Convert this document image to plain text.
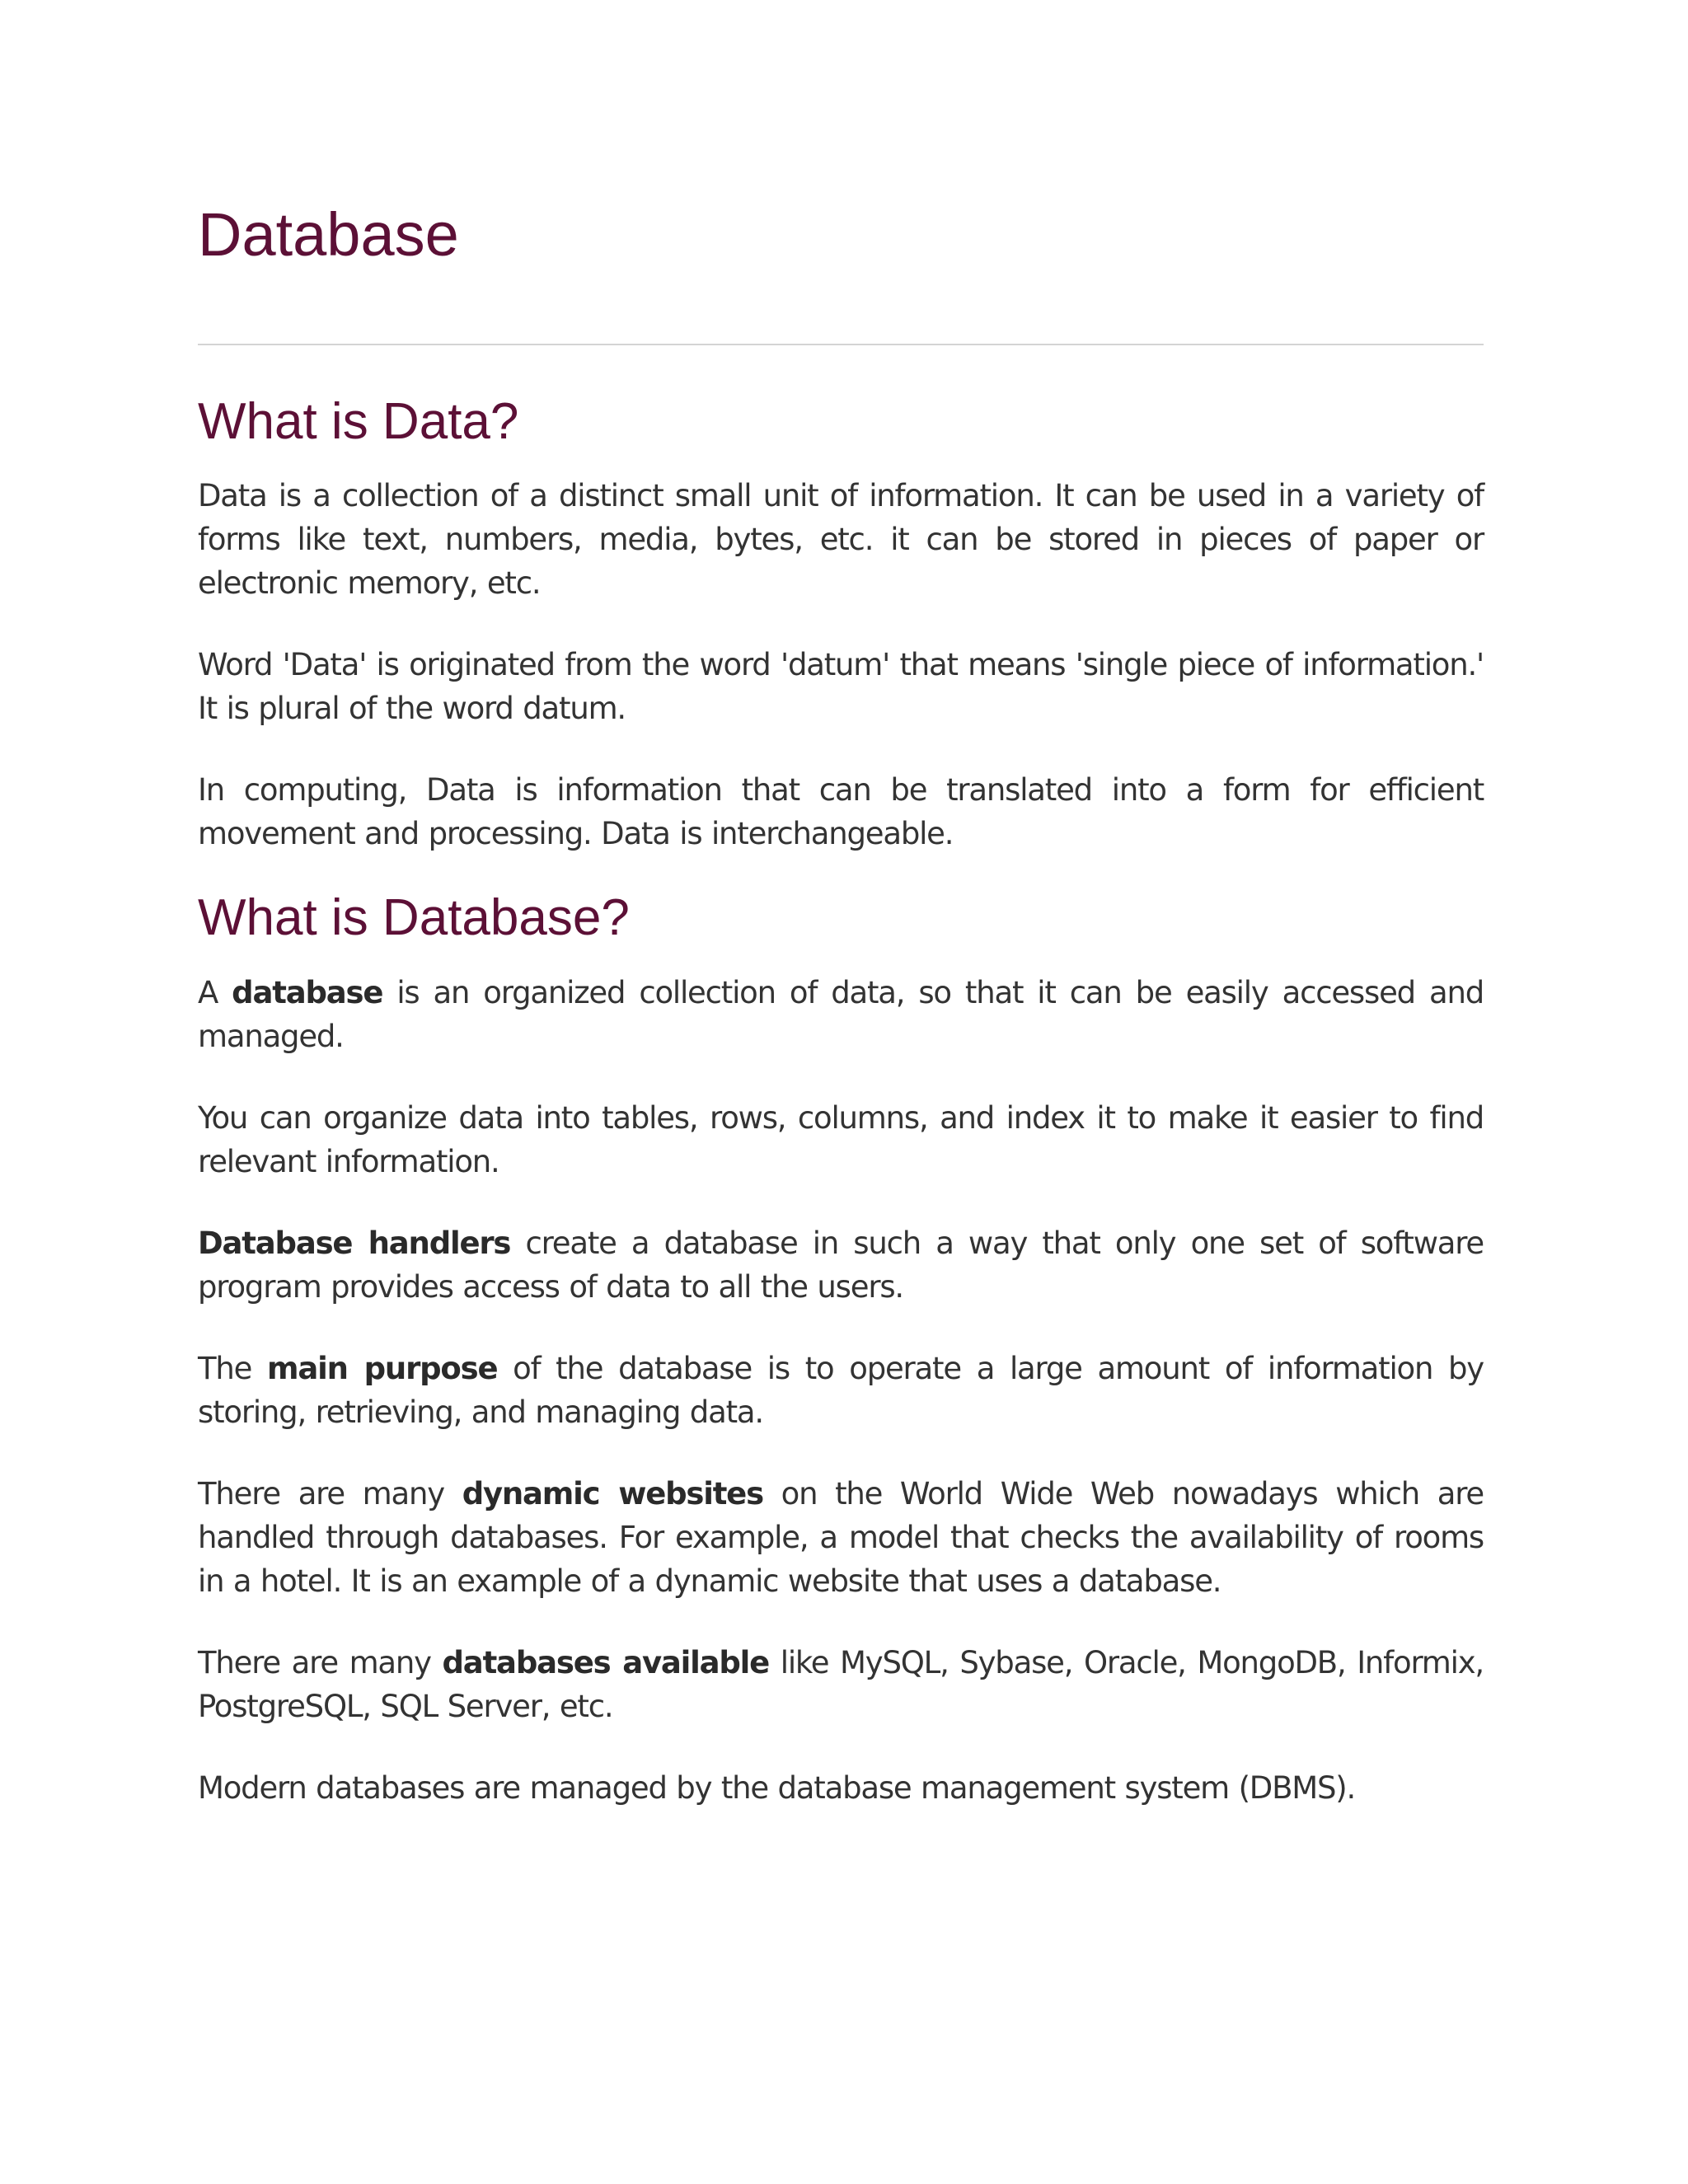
Database
What is Data?

Data is a collection of a distinct small unit of information. It can be used in a variety of forms like text, numbers, media, bytes, etc. it can be stored in pieces of paper or electronic memory, etc.

Word 'Data' is originated from the word 'datum' that means 'single piece of information.' It is plural of the word datum.

In computing, Data is information that can be translated into a form for efficient movement and processing. Data is interchangeable.

What is Database?

A database is an organized collection of data, so that it can be easily accessed and managed.

You can organize data into tables, rows, columns, and index it to make it easier to find relevant information.

Database handlers create a database in such a way that only one set of software program provides access of data to all the users.

The main purpose of the database is to operate a large amount of information by storing, retrieving, and managing data.

There are many dynamic websites on the World Wide Web nowadays which are handled through databases. For example, a model that checks the availability of rooms in a hotel. It is an example of a dynamic website that uses a database.

There are many databases available like MySQL, Sybase, Oracle, MongoDB, Informix, PostgreSQL, SQL Server, etc.

Modern databases are managed by the database management system (DBMS).
